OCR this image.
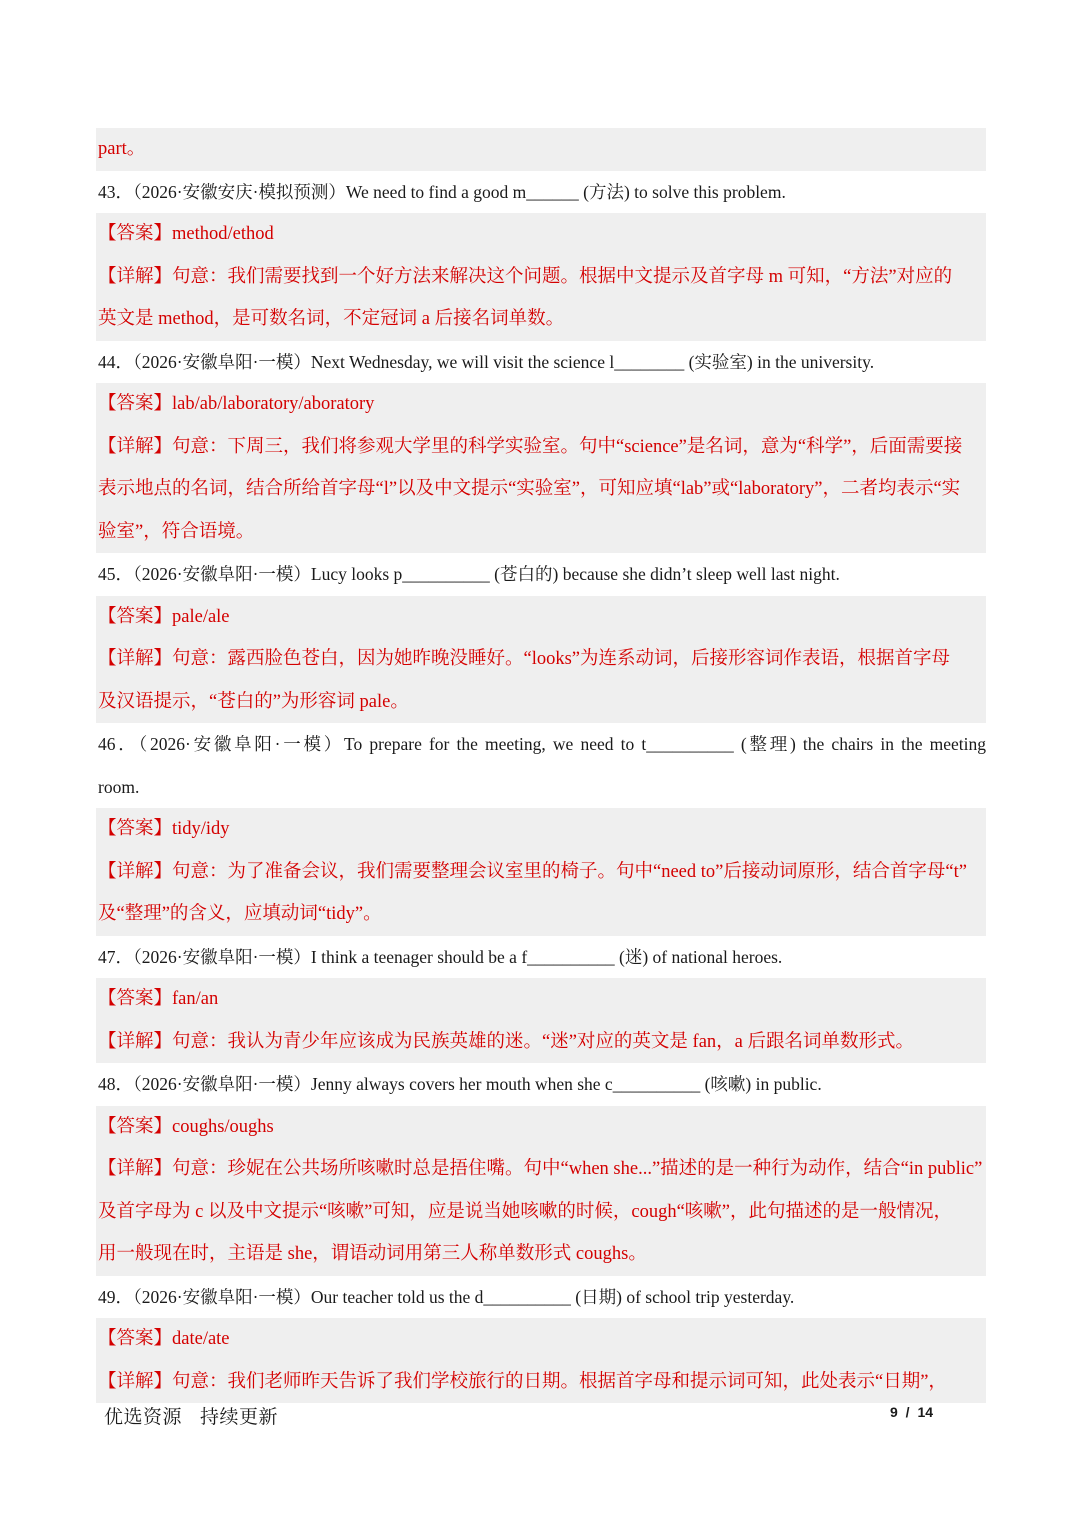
part。
43．（2026·安徽安庆·模拟预测）We need to find a good m______ (方法) to solve this problem.
【答案】method/ethod
【详解】句意：我们需要找到一个好方法来解决这个问题。根据中文提示及首字母 m 可知，“方法”对应的
英文是 method，是可数名词，不定冠词 a 后接名词单数。
44．（2026·安徽阜阳·一模）Next Wednesday, we will visit the science l________ (实验室) in the university.
【答案】lab/ab/laboratory/aboratory
【详解】句意：下周三，我们将参观大学里的科学实验室。句中“science”是名词，意为“科学”，后面需要接
表示地点的名词，结合所给首字母“l”以及中文提示“实验室”，可知应填“lab”或“laboratory”，二者均表示“实
验室”，符合语境。
45．（2026·安徽阜阳·一模）Lucy looks p__________ (苍白的) because she didn’t sleep well last night.
【答案】pale/ale
【详解】句意：露西脸色苍白，因为她昨晚没睡好。“looks”为连系动词，后接形容词作表语，根据首字母
及汉语提示，“苍白的”为形容词 pale。
46．（2026·安徽阜阳·一模）To prepare for the meeting, we need to t__________ (整理) the chairs in the meeting
room.
【答案】tidy/idy
【详解】句意：为了准备会议，我们需要整理会议室里的椅子。句中“need to”后接动词原形，结合首字母“t”
及“整理”的含义，应填动词“tidy”。
47．（2026·安徽阜阳·一模）I think a teenager should be a f__________ (迷) of national heroes.
【答案】fan/an
【详解】句意：我认为青少年应该成为民族英雄的迷。“迷”对应的英文是 fan，a 后跟名词单数形式。
48．（2026·安徽阜阳·一模）Jenny always covers her mouth when she c__________ (咳嗽) in public.
【答案】coughs/oughs
【详解】句意：珍妮在公共场所咳嗽时总是捂住嘴。句中“when she...”描述的是一种行为动作，结合“in public”
及首字母为 c 以及中文提示“咳嗽”可知，应是说当她咳嗽的时候，cough“咳嗽”，此句描述的是一般情况，
用一般现在时，主语是 she，谓语动词用第三人称单数形式 coughs。
49．（2026·安徽阜阳·一模）Our teacher told us the d__________ (日期) of school trip yesterday.
【答案】date/ate
【详解】句意：我们老师昨天告诉了我们学校旅行的日期。根据首字母和提示词可知，此处表示“日期”，
优选资源 持续更新	9 / 14
